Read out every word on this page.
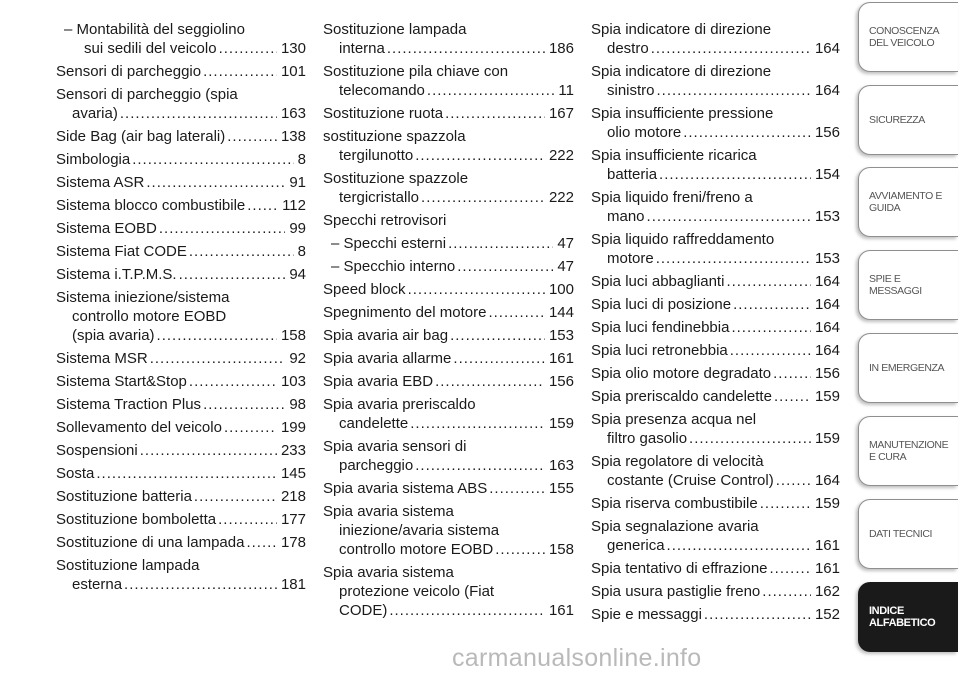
– Montabilità del seggiolino
sui sedili del veicolo .....	130
Sensori di parcheggio .....	101
Sensori di parcheggio (spia
avaria) .....	163
Side Bag (air bag laterali) .....	138
Simbologia .....	8
Sistema ASR .....	91
Sistema blocco combustibile ..... 112
Sistema EOBD .....	99
Sistema Fiat CODE .....	8
Sistema i.T.P.M.S. .....	94
Sistema iniezione/sistema
controllo motore EOBD
(spia avaria) .....	158
Sistema MSR .....	92
Sistema Start&Stop .....	103
Sistema Traction Plus .....	98
Sollevamento del veicolo .....	199
Sospensioni .....	233
Sosta .....	145
Sostituzione batteria .....	218
Sostituzione bomboletta .....	177
Sostituzione di una lampada ..... 178
Sostituzione lampada
esterna .....	181
Sostituzione lampada
interna .....	186
Sostituzione pila chiave con
telecomando .....	11
Sostituzione ruota .....	167
sostituzione spazzola
tergilunotto .....	222
Sostituzione spazzole
tergicristallo .....	222
Specchi retrovisori
– Specchi esterni .....	47
– Specchio interno .....	47
Speed block .....	100
Spegnimento del motore .....	144
Spia avaria air bag .....	153
Spia avaria allarme .....	161
Spia avaria EBD .....	156
Spia avaria preriscaldo
candelette .....	159
Spia avaria sensori di
parcheggio .....	163
Spia avaria sistema ABS .....	155
Spia avaria sistema
iniezione/avaria sistema
controllo motore EOBD .....	158
Spia avaria sistema
protezione veicolo (Fiat
CODE) .....	161
Spia indicatore di direzione
destro .....	164
Spia indicatore di direzione
sinistro .....	164
Spia insufficiente pressione
olio motore .....	156
Spia insufficiente ricarica
batteria .....	154
Spia liquido freni/freno a
mano .....	153
Spia liquido raffreddamento
motore .....	153
Spia luci abbaglianti .....	164
Spia luci di posizione .....	164
Spia luci fendinebbia .....	164
Spia luci retronebbia .....	164
Spia olio motore degradato .....	156
Spia preriscaldo candelette .....	159
Spia presenza acqua nel
filtro gasolio .....	159
Spia regolatore di velocità
costante (Cruise Control) .....	164
Spia riserva combustibile .....	159
Spia segnalazione avaria
generica .....	161
Spia tentativo di effrazione .....	161
Spia usura pastiglie freno .....	162
Spie e messaggi .....	152
CONOSCENZA DEL VEICOLO
SICUREZZA
AVVIAMENTO E GUIDA
SPIE E MESSAGGI
IN EMERGENZA
MANUTENZIONE E CURA
DATI TECNICI
INDICE ALFABETICO
carmanualsonline.info
